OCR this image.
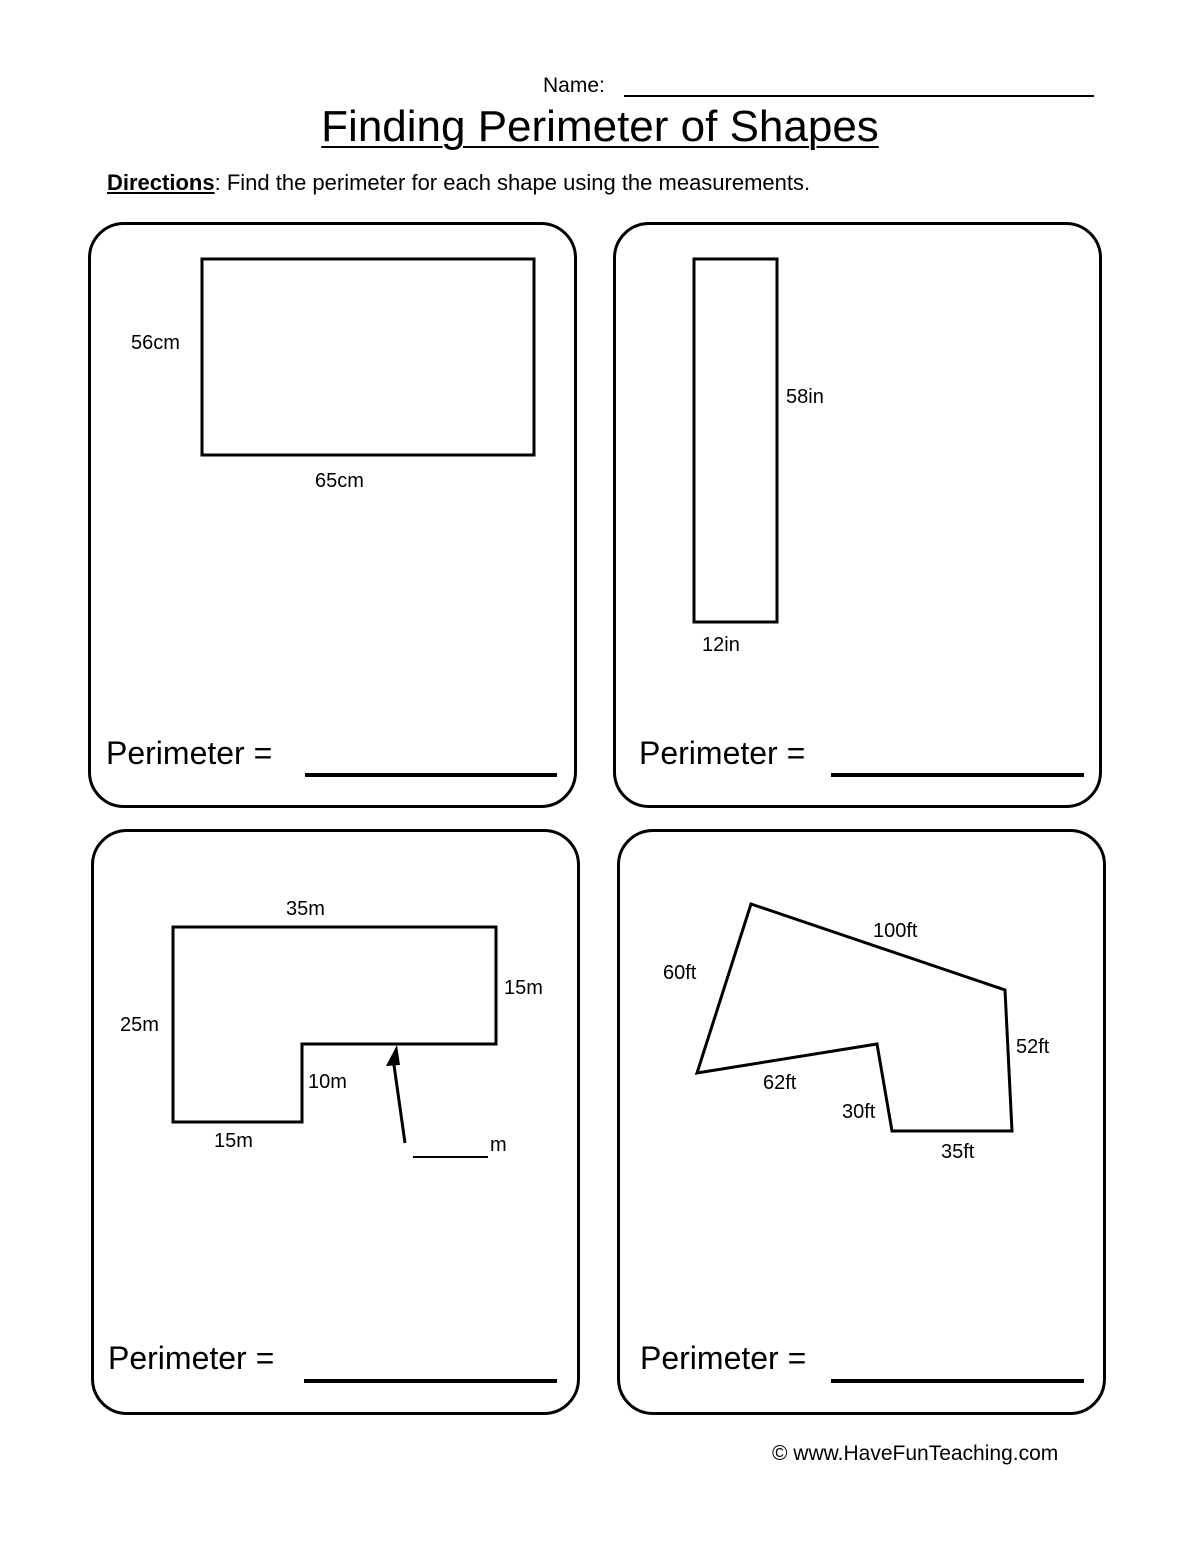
Name:
Finding Perimeter of Shapes
Directions: Find the perimeter for each shape using the measurements.
56cm
65cm
Perimeter =
58in
12in
Perimeter =
35m
25m
15m
10m
15m	m
Perimeter =
100ft
60ft
52ft
62ft
30ft
35ft
Perimeter =
© www.HaveFunTeaching.com
